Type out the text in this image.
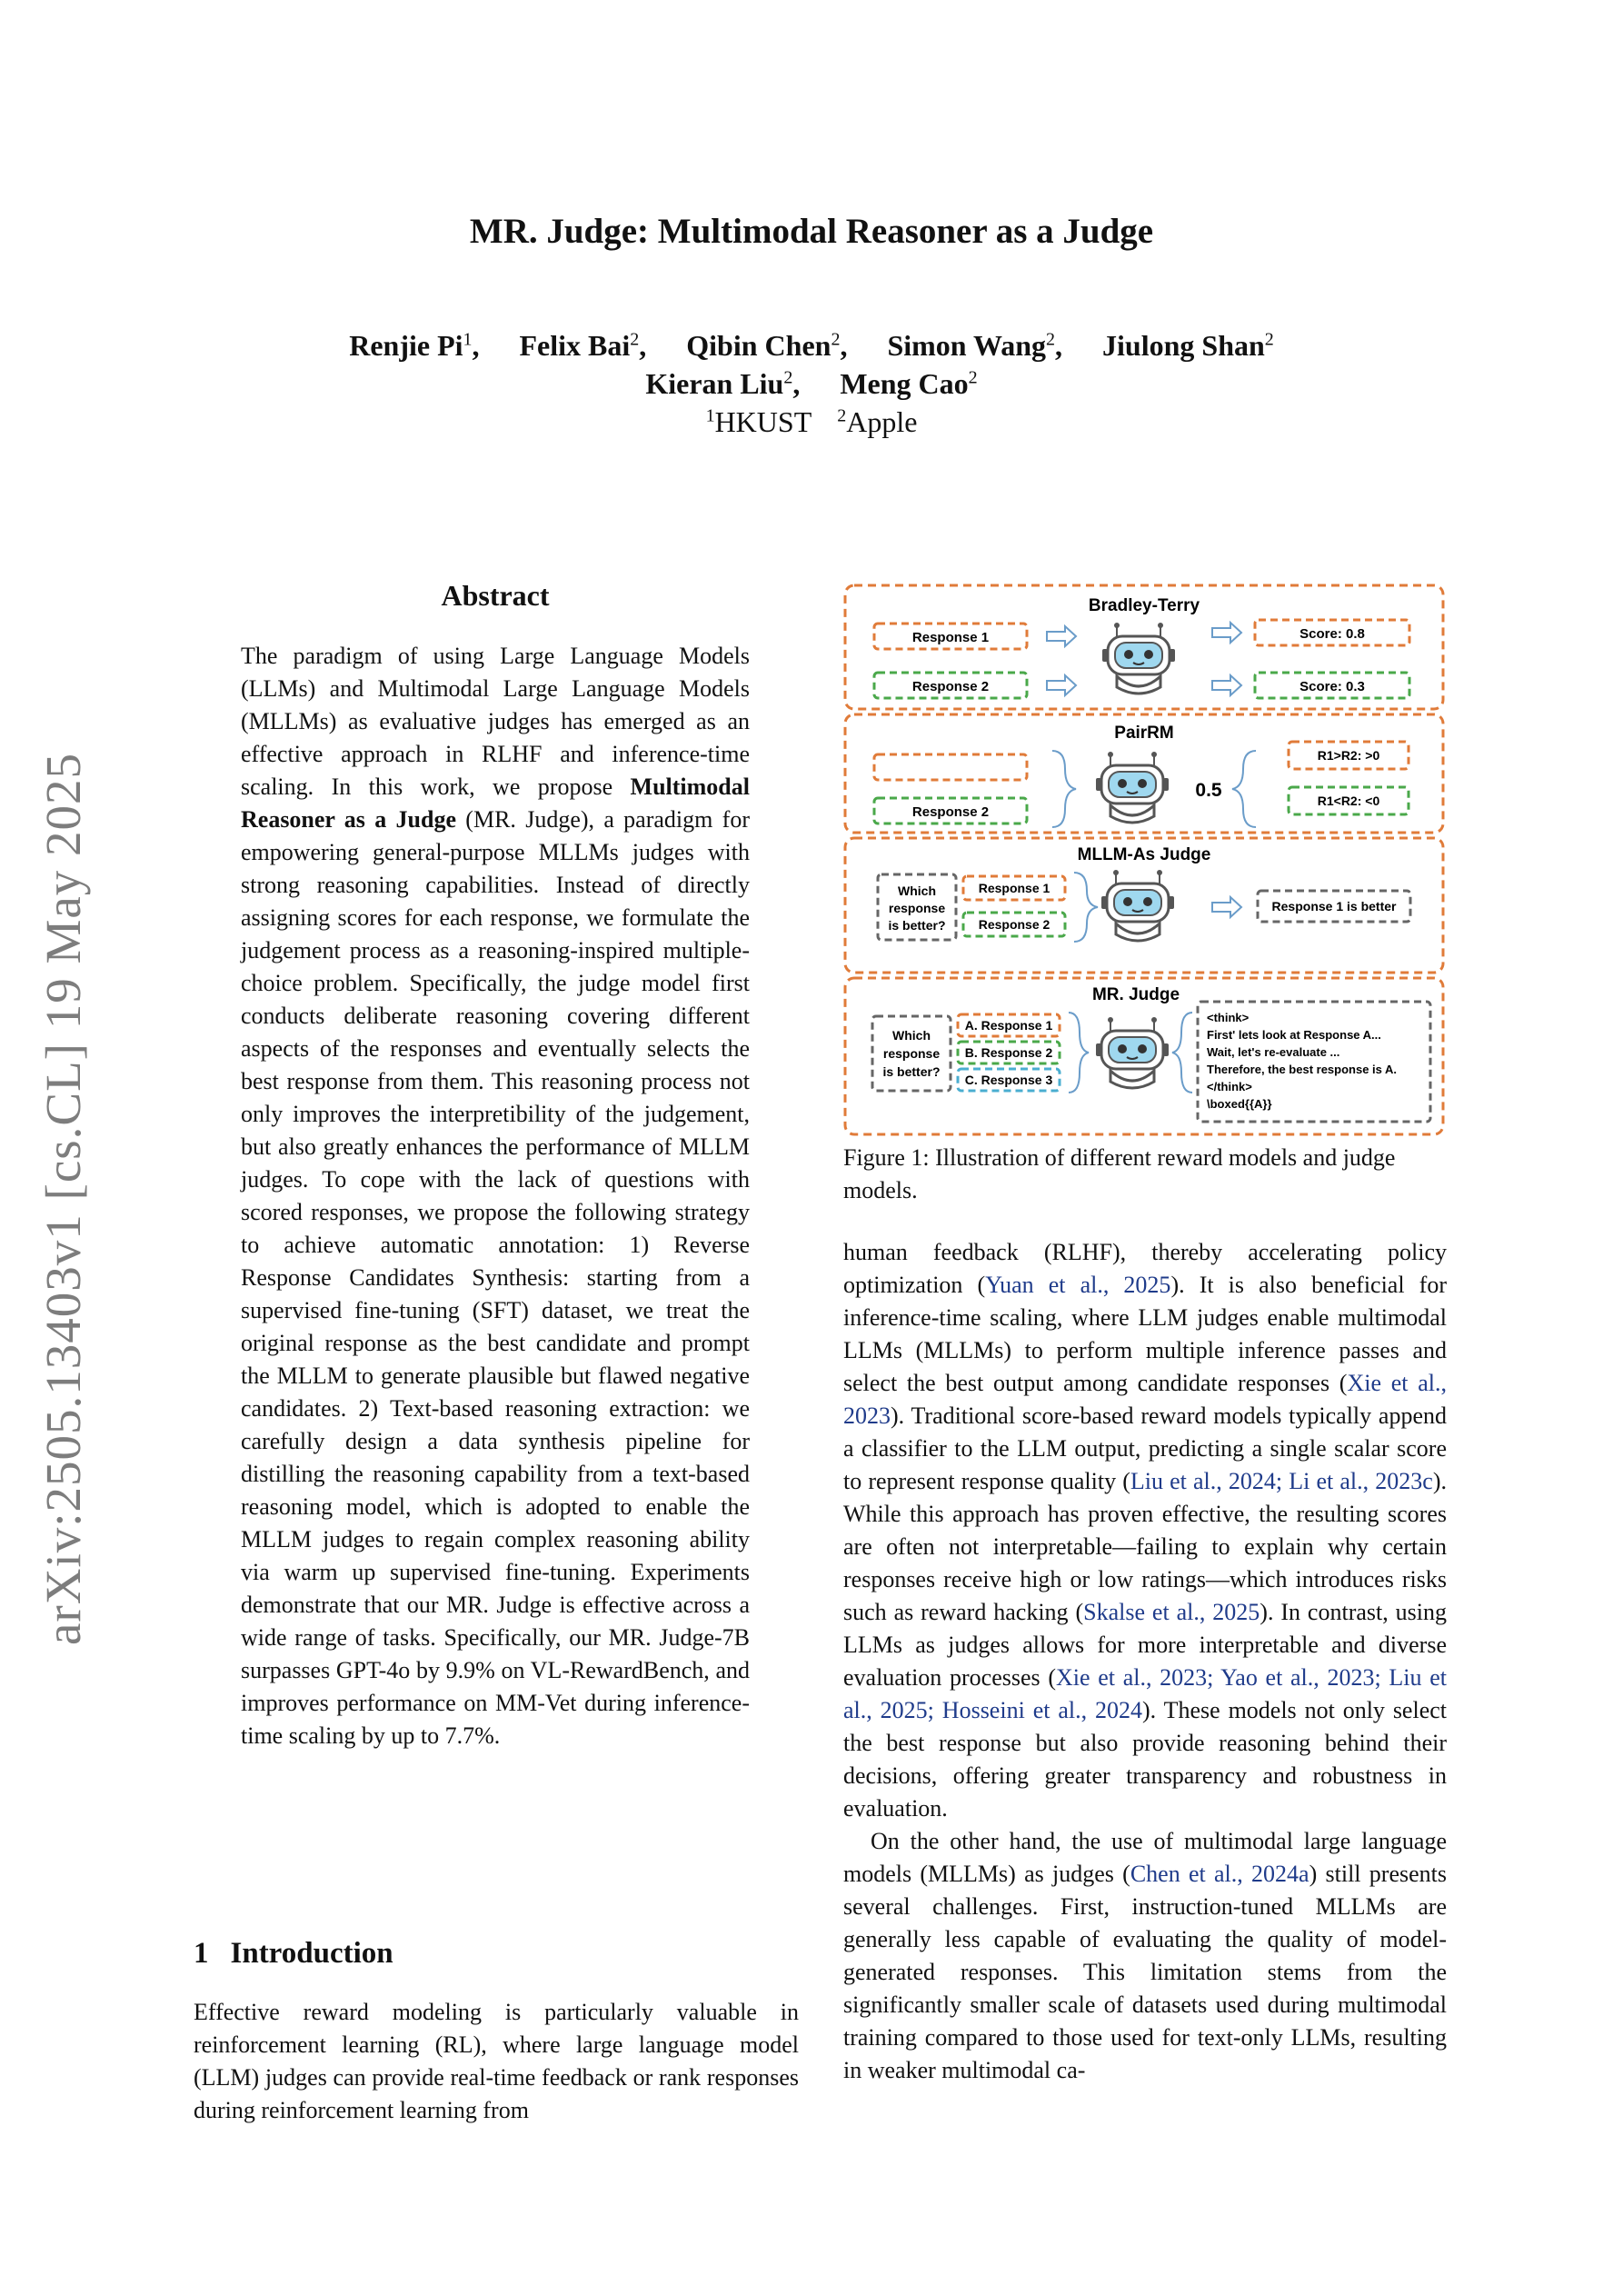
MR. Judge: Multimodal Reasoner as a Judge
Renjie Pi$^1$, Felix Bai$^2$, Qibin Chen$^2$, Simon Wang$^2$, Jiulong Shan$^2$
Kieran Liu$^2$, Meng Cao$^2$
$^1$HKUST $^2$Apple
arXiv:2505.13403v1 [cs.CL] 19 May 2025
Abstract

The paradigm of using Large Language Models (LLMs) and Multimodal Large Language Models (MLLMs) as evaluative judges has emerged as an effective approach in RLHF and inference-time scaling. In this work, we propose Multimodal Reasoner as a Judge (MR. Judge), a paradigm for empowering general-purpose MLLMs judges with strong reasoning capabilities. Instead of directly assigning scores for each response, we formulate the judgement process as a reasoning-inspired multiple-choice problem. Specifically, the judge model first conducts deliberate reasoning covering different aspects of the responses and eventually selects the best response from them. This reasoning process not only improves the interpretibility of the judgement, but also greatly enhances the performance of MLLM judges. To cope with the lack of questions with scored responses, we propose the following strategy to achieve automatic annotation: 1) Reverse Response Candidates Synthesis: starting from a supervised fine-tuning (SFT) dataset, we treat the original response as the best candidate and prompt the MLLM to generate plausible but flawed negative candidates. 2) Text-based reasoning extraction: we carefully design a data synthesis pipeline for distilling the reasoning capability from a text-based reasoning model, which is adopted to enable the MLLM judges to regain complex reasoning ability via warm up supervised fine-tuning. Experiments demonstrate that our MR. Judge is effective across a wide range of tasks. Specifically, our MR. Judge-7B surpasses GPT-4o by 9.9% on VL-RewardBench, and improves performance on MM-Vet during inference-time scaling by up to 7.7%.

1 Introduction

Effective reward modeling is particularly valuable in reinforcement learning (RL), where large language model (LLM) judges can provide real-time feedback or rank responses during reinforcement learning from

Bradley-Terry
Response 1
Response 2
Score: 0.8
Score: 0.3
PairRM
Response 2
0.5
R1>R2: >0
R1<R2: <0
MLLM-As Judge
Which
response
is better?
Response 1
Response 2
Response 1 is better
MR. Judge
Which
response
is better?
A. Response 1
B. Response 2
C. Response 3
<think>
First' lets look at Response A...
Wait, let's re-evaluate ...
Therefore, the best response is A.
</think>
\boxed{{A}}
Figure 1: Illustration of different reward models and judge models.

human feedback (RLHF), thereby accelerating policy optimization (Yuan et al., 2025). It is also beneficial for inference-time scaling, where LLM judges enable multimodal LLMs (MLLMs) to perform multiple inference passes and select the best output among candidate responses (Xie et al., 2023). Traditional score-based reward models typically append a classifier to the LLM output, predicting a single scalar score to represent response quality (Liu et al., 2024; Li et al., 2023c). While this approach has proven effective, the resulting scores are often not interpretable—failing to explain why certain responses receive high or low ratings—which introduces risks such as reward hacking (Skalse et al., 2025). In contrast, using LLMs as judges allows for more interpretable and diverse evaluation processes (Xie et al., 2023; Yao et al., 2023; Liu et al., 2025; Hosseini et al., 2024). These models not only select the best response but also provide reasoning behind their decisions, offering greater transparency and robustness in evaluation.

On the other hand, the use of multimodal large language models (MLLMs) as judges (Chen et al., 2024a) still presents several challenges. First, instruction-tuned MLLMs are generally less capable of evaluating the quality of model-generated responses. This limitation stems from the significantly smaller scale of datasets used during multimodal training compared to those used for text-only LLMs, resulting in weaker multimodal ca-
